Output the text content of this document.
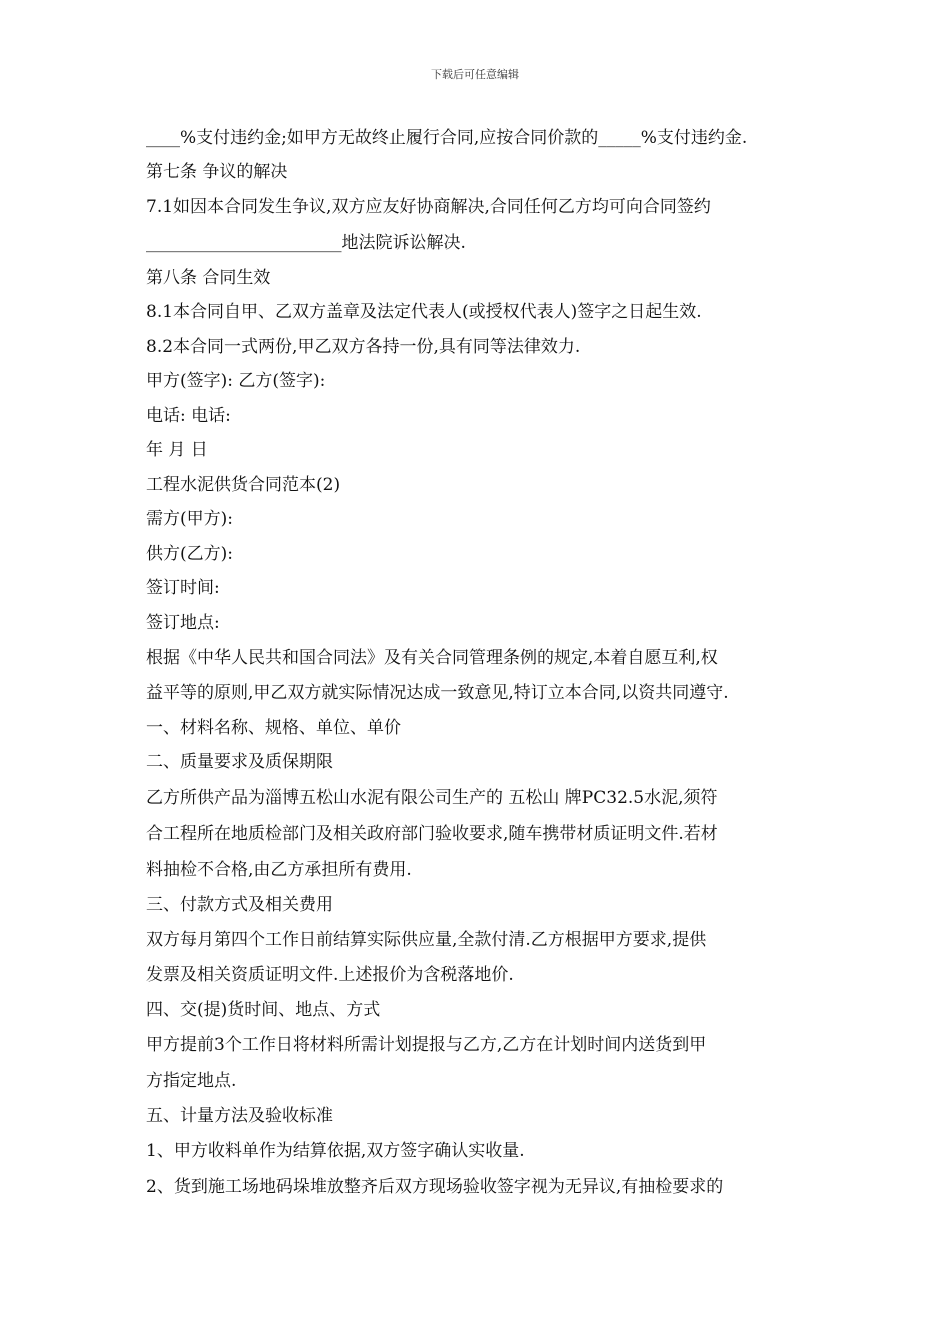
下载后可任意编辑
____%支付违约金;如甲方无故终止履行合同,应按合同价款的_____%支付违约金.
第七条 争议的解决
7.1如因本合同发生争议,双方应友好协商解决,合同任何乙方均可向合同签约
_______________________地法院诉讼解决.
第八条 合同生效
8.1本合同自甲、乙双方盖章及法定代表人(或授权代表人)签字之日起生效.
8.2本合同一式两份,甲乙双方各持一份,具有同等法律效力.
甲方(签字): 乙方(签字):
电话: 电话:
年 月 日
工程水泥供货合同范本(2)
需方(甲方):
供方(乙方):
签订时间:
签订地点:
根据《中华人民共和国合同法》及有关合同管理条例的规定,本着自愿互利,权
益平等的原则,甲乙双方就实际情况达成一致意见,特订立本合同,以资共同遵守.
一、材料名称、规格、单位、单价
二、质量要求及质保期限
乙方所供产品为淄博五松山水泥有限公司生产的 五松山 牌PC32.5水泥,须符
合工程所在地质检部门及相关政府部门验收要求,随车携带材质证明文件.若材
料抽检不合格,由乙方承担所有费用.
三、付款方式及相关费用
双方每月第四个工作日前结算实际供应量,全款付清.乙方根据甲方要求,提供
发票及相关资质证明文件.上述报价为含税落地价.
四、交(提)货时间、地点、方式
甲方提前3个工作日将材料所需计划提报与乙方,乙方在计划时间内送货到甲
方指定地点.
五、计量方法及验收标准
1、甲方收料单作为结算依据,双方签字确认实收量.
2、货到施工场地码垛堆放整齐后双方现场验收签字视为无异议,有抽检要求的
